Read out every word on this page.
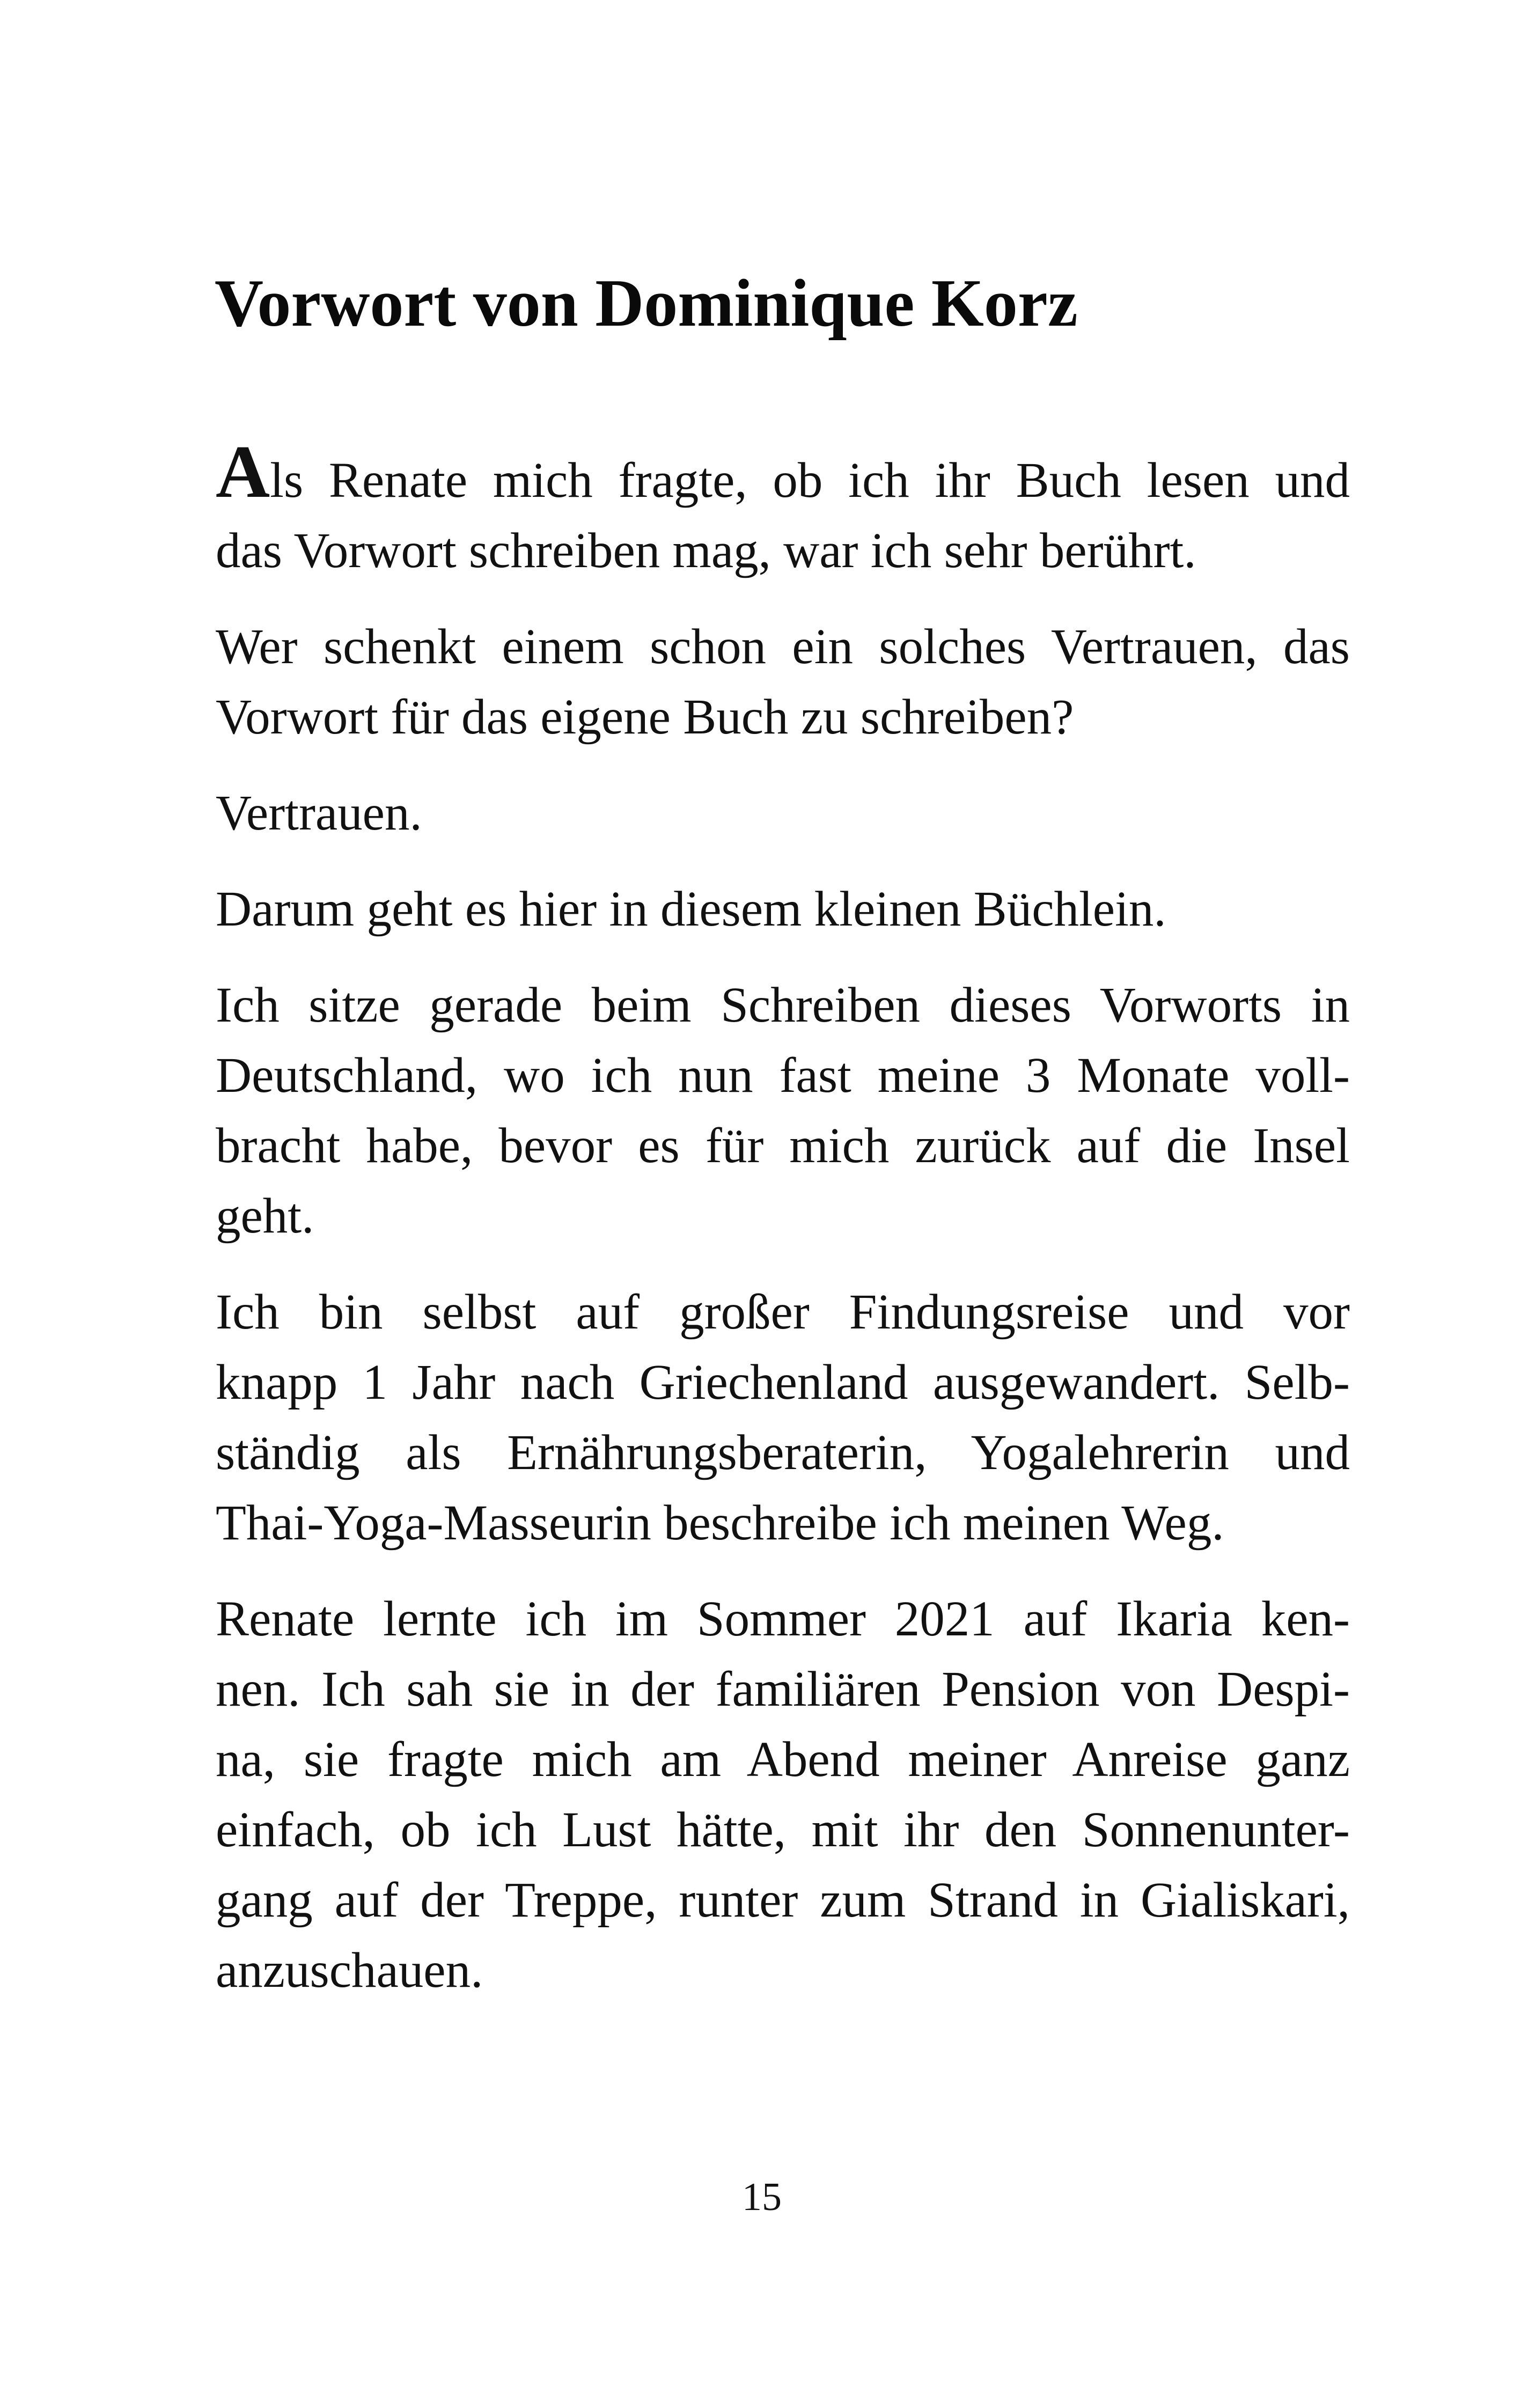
Vorwort von Dominique Korz

Als Renate mich fragte, ob ich ihr Buch lesen und
das Vorwort schreiben mag, war ich sehr berührt.

Wer schenkt einem schon ein solches Vertrauen, das
Vorwort für das eigene Buch zu schreiben?

Vertrauen.

Darum geht es hier in diesem kleinen Büchlein.

Ich sitze gerade beim Schreiben dieses Vorworts in
Deutschland, wo ich nun fast meine 3 Monate voll-
bracht habe, bevor es für mich zurück auf die Insel
geht.

Ich bin selbst auf großer Findungsreise und vor
knapp 1 Jahr nach Griechenland ausgewandert. Selb-
ständig als Ernährungsberaterin, Yogalehrerin und
Thai-Yoga-Masseurin beschreibe ich meinen Weg.

Renate lernte ich im Sommer 2021 auf Ikaria ken-
nen. Ich sah sie in der familiären Pension von Despi-
na, sie fragte mich am Abend meiner Anreise ganz
einfach, ob ich Lust hätte, mit ihr den Sonnenunter-
gang auf der Treppe, runter zum Strand in Gialiskari,
anzuschauen.

15
